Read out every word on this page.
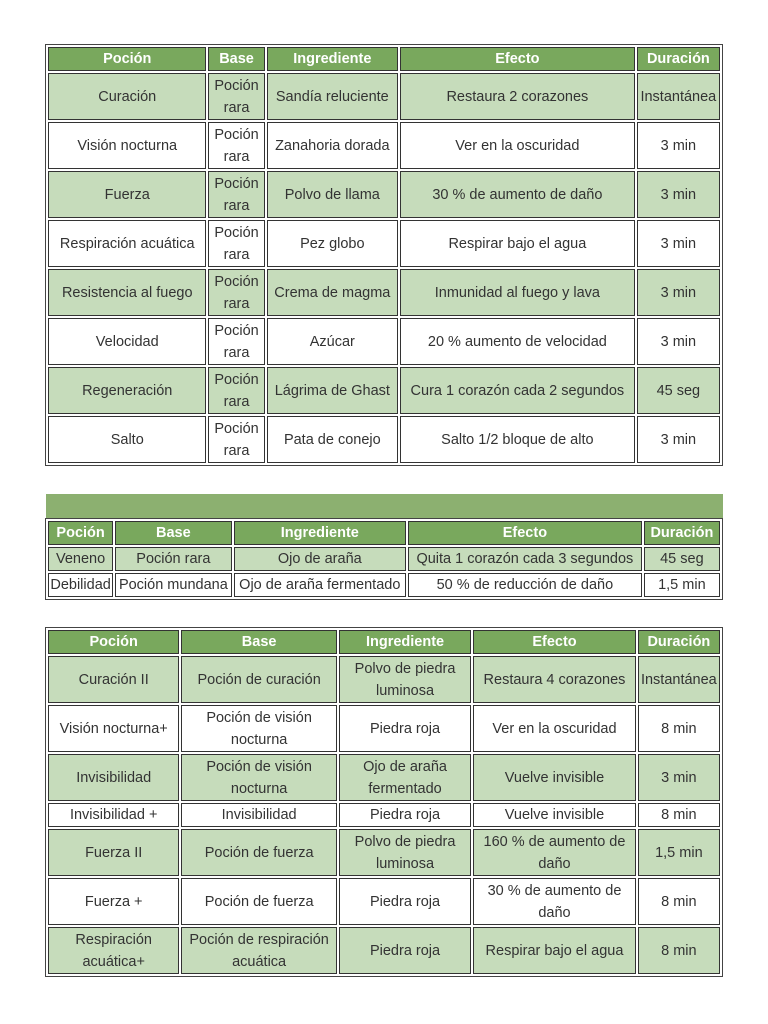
Poción	Base	Ingrediente	Efecto	Duración
Curación	Poción rara	Sandía reluciente	Restaura 2 corazones	Instantánea
Visión nocturna	Poción rara	Zanahoria dorada	Ver en la oscuridad	3 min
Fuerza	Poción rara	Polvo de llama	30 % de aumento de daño	3 min
Respiración acuática	Poción rara	Pez globo	Respirar bajo el agua	3 min
Resistencia al fuego	Poción rara	Crema de magma	Inmunidad al fuego y lava	3 min
Velocidad	Poción rara	Azúcar	20 % aumento de velocidad	3 min
Regeneración	Poción rara	Lágrima de Ghast	Cura 1 corazón cada 2 segundos	45 seg
Salto	Poción rara	Pata de conejo	Salto 1/2 bloque de alto	3 min
Poción	Base	Ingrediente	Efecto	Duración
Veneno	Poción rara	Ojo de araña	Quita 1 corazón cada 3 segundos	45 seg
Debilidad	Poción mundana	Ojo de araña fermentado	50 % de reducción de daño	1,5 min
Poción	Base	Ingrediente	Efecto	Duración
Curación II	Poción de curación	Polvo de piedra luminosa	Restaura 4 corazones	Instantánea
Visión nocturna+	Poción de visión nocturna	Piedra roja	Ver en la oscuridad	8 min
Invisibilidad	Poción de visión nocturna	Ojo de araña fermentado	Vuelve invisible	3 min
Invisibilidad +	Invisibilidad	Piedra roja	Vuelve invisible	8 min
Fuerza II	Poción de fuerza	Polvo de piedra luminosa	160 % de aumento de daño	1,5 min
Fuerza +	Poción de fuerza	Piedra roja	30 % de aumento de daño	8 min
Respiración acuática+	Poción de respiración acuática	Piedra roja	Respirar bajo el agua	8 min
